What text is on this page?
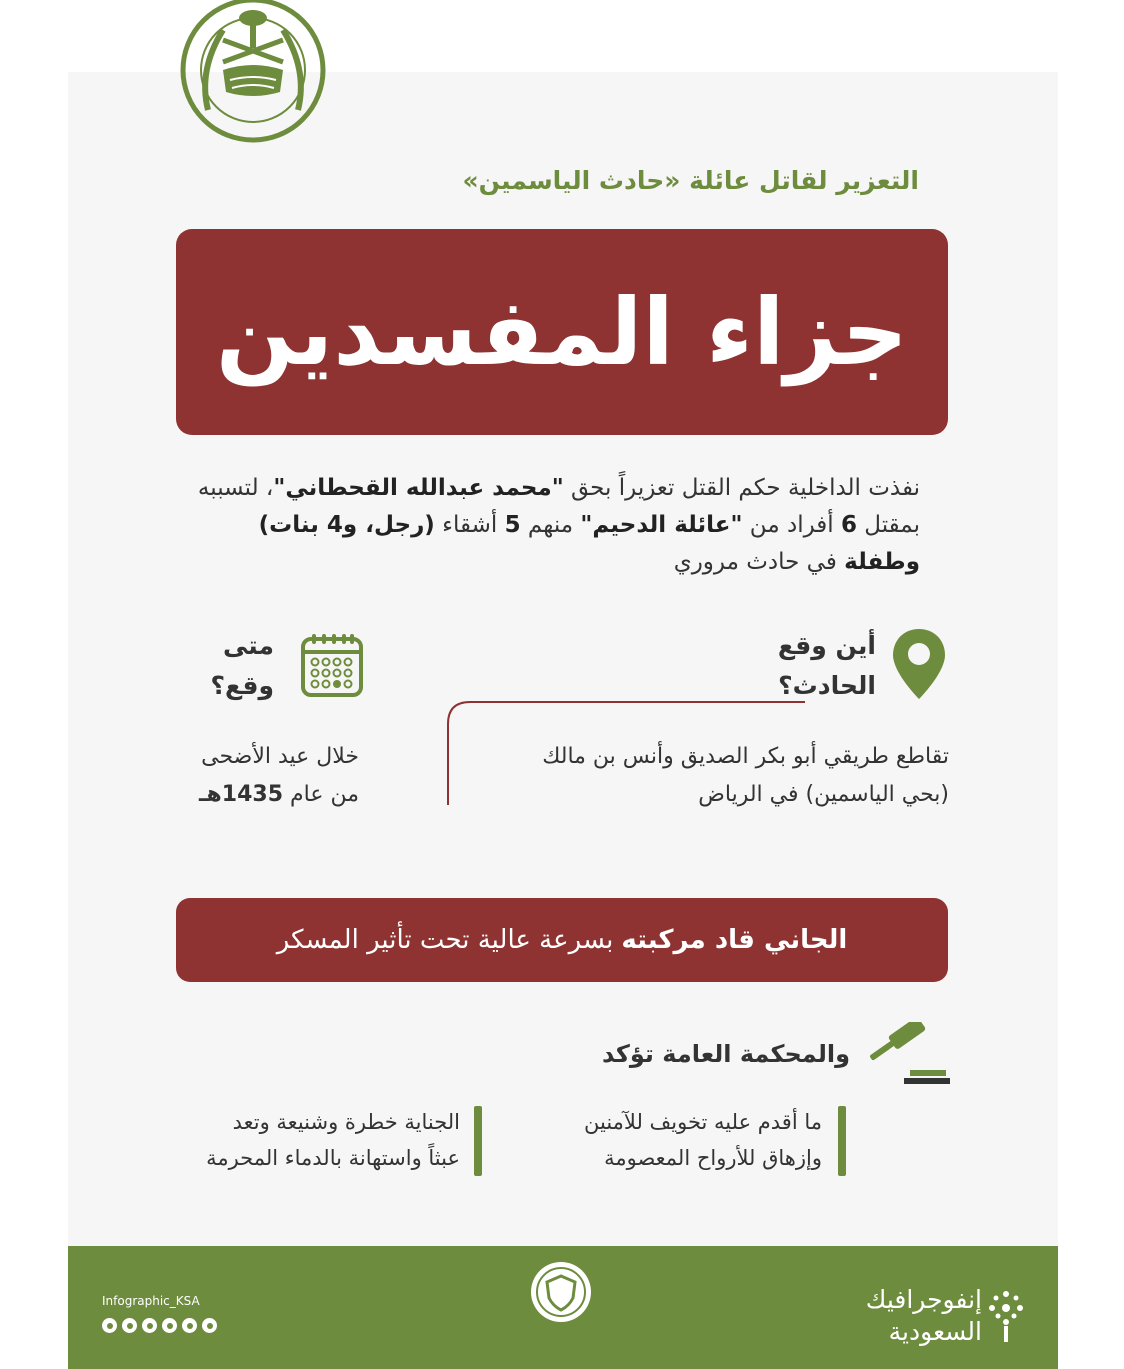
التعزير لقاتل عائلة «حادث الياسمين»
جزاء المفسدين
نفذت الداخلية حكم القتل تعزيراً بحق "محمد عبدالله القحطاني"، لتسببه بمقتل 6 أفراد من "عائلة الدحيم" منهم 5 أشقاء (رجل، و4 بنات) وطفلة في حادث مروري
أين وقع
الحادث؟
متى
وقع؟
تقاطع طريقي أبو بكر الصديق وأنس بن مالك
(بحي الياسمين) في الرياض
خلال عيد الأضحى
من عام 1435هـ
الجاني قاد مركبته
بسرعة عالية تحت تأثير المسكر
والمحكمة العامة تؤكد
ما أقدم عليه تخويف للآمنين
وإزهاق للأرواح المعصومة
الجناية خطرة وشنيعة وتعد
عبثاً واستهانة بالدماء المحرمة
Infographic_KSA	إنفوجرافيك
السعودية
